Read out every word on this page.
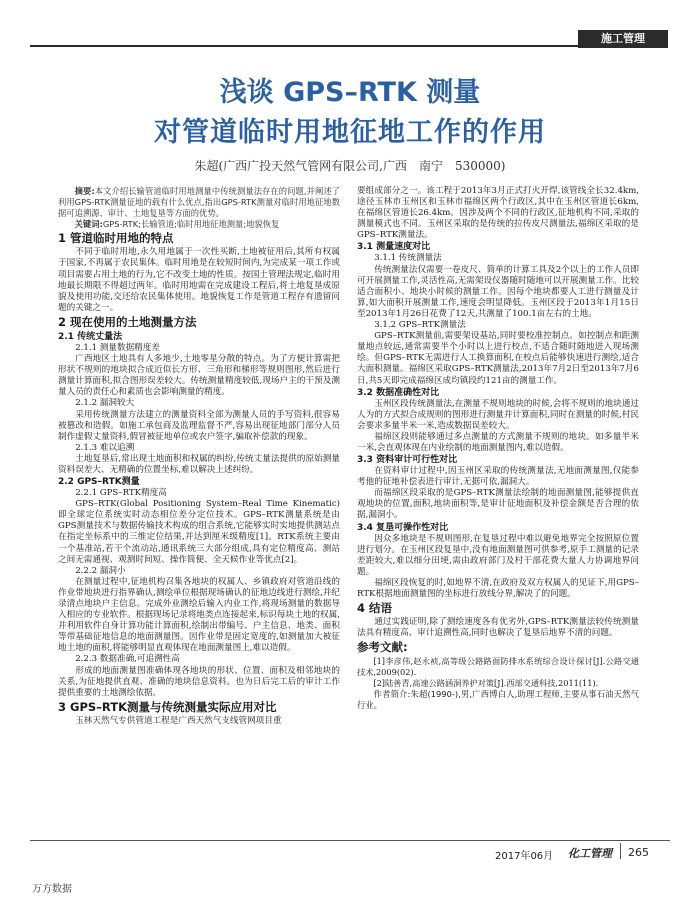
施工管理
浅谈 GPS–RTK 测量
对管道临时用地征地工作的作用
朱超(广西广投天然气管网有限公司,广西　南宁　530000)

摘要:本文介绍长输管道临时用地测量中传统测量法存在的问题,并阐述了利用GPS-RTK测量征地的载有什么优点,指出GPS-RTK测量对临时用地征地数据可追溯源、审计、土地复垦等方面的优势。

关键词:GPS-RTK;长输管道;临时用地征地测量;地貌恢复

1 管道临时用地的特点

不同于临时用地,永久用地属于一次性买断,土地被征用后,其所有权属于国家,不再属于农民集体。临时用地是在较短时间内,为完成某一项工作或项目需要占用土地的行为,它不改变土地的性质。按国土管理法规定,临时用地最长期限不得超过两年。临时用地需在完成建设工程后,将土地复垦成原貌及使用功能,交还给农民集体使用。地貌恢复工作是管道工程存有遗留问题的关键之一。

2 现在使用的土地测量方法
2.1 传统丈量法

2.1.1 测量数据精度差

广西地区土地具有人多地少,土地零星分散的特点。为了方便计算需把形状不规则的地块拟合成近似长方形、三角形和梯形等规则图形,然后进行测量计算面积,拟合图形误差较大。传统测量精度较低,现场户主的干预及测量人员的责任心和素质也会影响测量的精度。

2.1.2 漏洞较大

采用传统测量方法建立的测量资料全部为测量人员的手写资料,很容易被篡改和造假。如施工承包商及监理监督不严,容易出现征地部门部分人员制作虚假丈量资料,假冒被征地单位或农户签字,骗取补偿款的现象。

2.1.3 难以追溯

土地复垦后,常出现土地面积和权属的纠纷,传统丈量法提供的原始测量资料误差大、无精确的位置坐标,难以解决上述纠纷。

2.2 GPS–RTK测量

2.2.1 GPS–RTK精度高

GPS–RTK(Global Positioning System–Real Time Kinematic)即全球定位系统实时动态相位差分定位技术。GPS–RTK测量系统是由GPS测量技术与数据传输技术构成的组合系统,它能够实时实地提供测站点在指定坐标系中的三维定位结果,并达到厘米级精度[1]。RTK系统主要由一个基准站,若干个流动站,通讯系统三大部分组成,具有定位精度高、测站之间无需通视、观测时间短、操作简便、全天候作业等优点[2]。

2.2.2 漏洞小

在测量过程中,征地机构召集各地块的权属人、乡镇政府对管道沿线的作业带地块进行指界确认,测绘单位根据现场确认的征地边线进行测绘,并纪录清点地块户主信息。完成外业测绘后输入内业工作,将现场测量的数据导入相应的专业软件。根据现场记录将地类点连接起来,标识每块土地的权属,并利用软件自身计算功能计算面积,绘制出带编号、户主信息、地类、面积等带基础征地信息的地面测量图。因作业带是固定宽度的,如测量加大被征地土地的面积,将能够明显直观体现在地面测量图上,难以造假。

2.2.3 数据准确,可追溯性高

形成的地面测量图准确体现各地块的形状、位置、面积及相邻地块的关系,为征地提供直观、准确的地块信息资料。也为日后完工后的审计工作提供重要的土地测绘依据。

3 GPS–RTK测量与传统测量实际应用对比

玉林天然气专供管道工程是广西天然气支线管网项目重

要组成部分之一。该工程于2013年3月正式打火开焊,该管线全长32.4km,途径玉林市玉州区和玉林市福绵区两个行政区,其中在玉州区管道长6km,在福绵区管道长26.4km。因涉及两个不同的行政区,征地机构不同,采取的测量模式也不同。玉州区采取的是传统的拉传皮尺测量法,福绵区采取的是GPS–RTK测量法。

3.1 测量速度对比

3.1.1 传统测量法

传统测量法仅需要一卷皮尺、简单的计算工具及2个以上的工作人员即可开展测量工作,灵活性高,无需架设仪器随时随地可以开展测量工作。比较适合面积小、地块小时候的测量工作。因每个地块都要人工进行测量及计算,如大面积开展测量工作,速度会明显降低。玉州区段于2013年1月15日至2013年1月26日花费了12天,共测量了100.1亩左右的土地。

3.1.2 GPS–RTK测量法

GPS–RTK测量前,需要架设基站,同时要校准控制点。如控制点和距测量地点较远,通常需要半个小时以上进行校点,不适合随时随地进入现场测绘。但GPS–RTK无需进行人工换算面积,在校点后能够快速进行测绘,适合大面积测量。福绵区采取GPS–RTK测量法,2013年7月2日至2013年7月6日,共5天即完成福绵区成均镇段约121亩的测量工作。

3.2 数据准确性对比

玉州区段传统测量法,在测量不规则地块的时候,会将不规则的地块通过人为的方式拟合成规则的图形进行测量并计算面积,同时在测量的时候,村民会要求多量半米一米,造成数据误差较大。

福绵区段则能够通过多点测量的方式测量不规则的地块。如多量半米一米,会直观体现在内业绘制的地面测量图内,难以造假。

3.3 资料审计可行性对比

在资料审计过程中,因玉州区采取的传统测量法,无地面测量图,仅能参考他的征地补偿表进行审计,无据可依,漏洞大。

而福绵区段采取的是GPS–RTK测量法绘制的地面测量图,能够提供直观地块的位置,面积,地块面积等,是审计征地面积及补偿金额是否合理的依据,漏洞小。

3.4 复垦可操作性对比

因众多地块是不规则图形,在复垦过程中难以避免地界完全按照原位置进行划分。在玉州区段复垦中,没有地面测量图可供参考,原手工测量的记录差距较大,难以细分田埂,需由政府部门及村干部花费大量人力协调地界问题。

福绵区段恢复的时,如地界不清,在政府及双方权属人的见证下,用GPS–RTK根据地面测量图的坐标进行放线分界,解决了的问题。

4 结语

通过实践证明,除了测绘速度各有优劣外,GPS–RTK测量法较传统测量法具有精度高、审计追溯性高,同时也解决了复垦后地界不清的问题。

参考文献:

[1]李彦伟,赵永祯,高等级公路路面防排水系统综合设计探讨[J].公路交通技术,2009(02).

[2]陆善青,高速公路涵洞养护对策[J].西部交通科技,2011(11).

作者简介:朱超(1990-),男,广西博白人,助理工程师,主要从事石油天然气行业。

2017年06月 化工管理 265
万方数据
